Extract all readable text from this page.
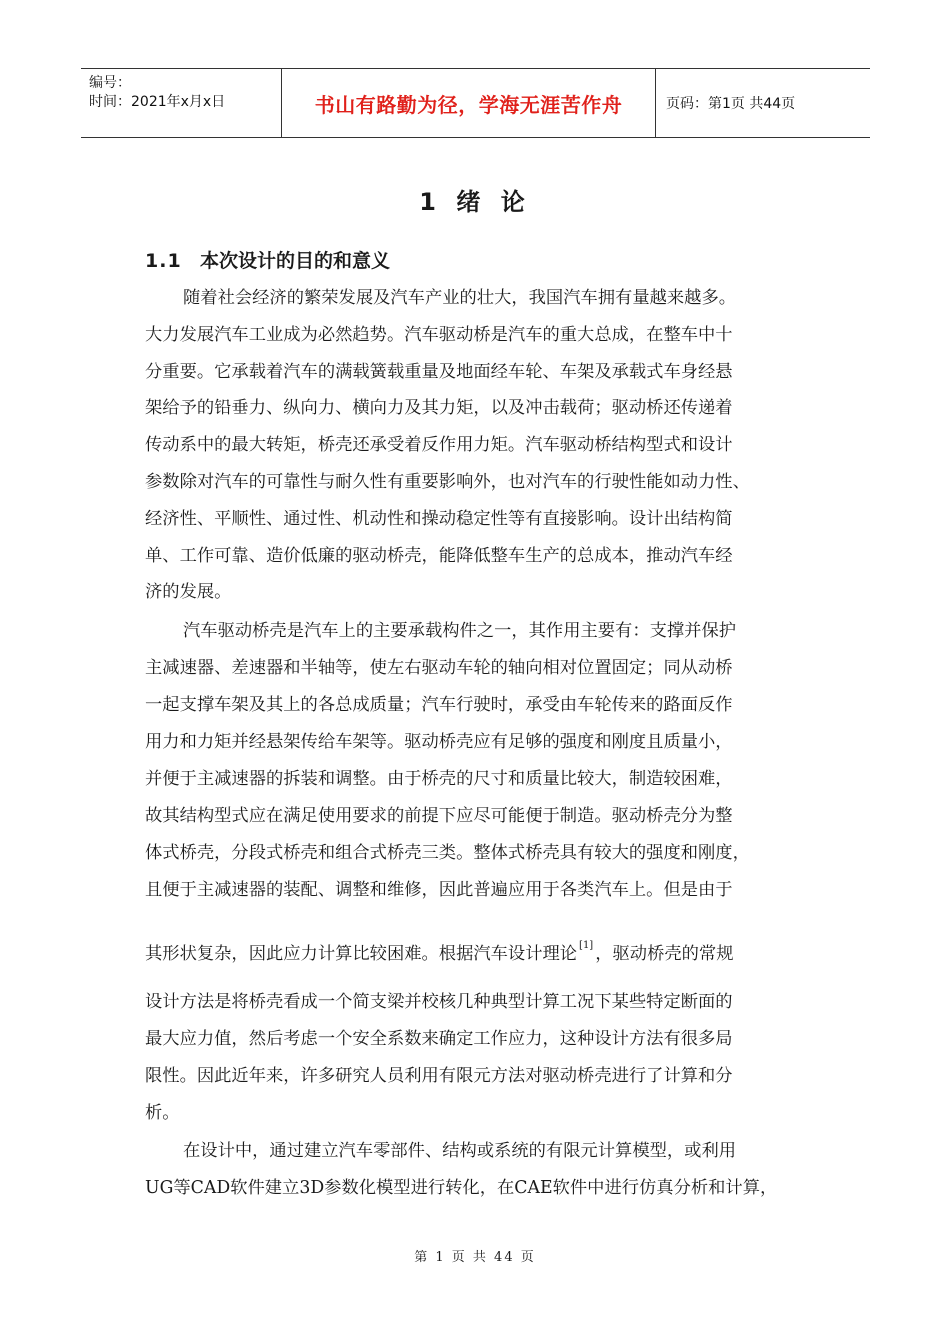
编号：
时间：2021年x月x日	书山有路勤为径，学海无涯苦作舟	页码：第1页 共44页
1 绪 论
1.1 本次设计的目的和意义

随着社会经济的繁荣发展及汽车产业的壮大，我国汽车拥有量越来越多。

大力发展汽车工业成为必然趋势。汽车驱动桥是汽车的重大总成，在整车中十

分重要。它承载着汽车的满载簧载重量及地面经车轮、车架及承载式车身经悬

架给予的铅垂力、纵向力、横向力及其力矩，以及冲击载荷；驱动桥还传递着

传动系中的最大转矩，桥壳还承受着反作用力矩。汽车驱动桥结构型式和设计

参数除对汽车的可靠性与耐久性有重要影响外，也对汽车的行驶性能如动力性、

经济性、平顺性、通过性、机动性和操动稳定性等有直接影响。设计出结构简

单、工作可靠、造价低廉的驱动桥壳，能降低整车生产的总成本，推动汽车经

济的发展。

汽车驱动桥壳是汽车上的主要承载构件之一，其作用主要有：支撑并保护

主减速器、差速器和半轴等，使左右驱动车轮的轴向相对位置固定；同从动桥

一起支撑车架及其上的各总成质量；汽车行驶时，承受由车轮传来的路面反作

用力和力矩并经悬架传给车架等。驱动桥壳应有足够的强度和刚度且质量小，

并便于主减速器的拆装和调整。由于桥壳的尺寸和质量比较大，制造较困难，

故其结构型式应在满足使用要求的前提下应尽可能便于制造。驱动桥壳分为整

体式桥壳，分段式桥壳和组合式桥壳三类。整体式桥壳具有较大的强度和刚度，

且便于主减速器的装配、调整和维修，因此普遍应用于各类汽车上。但是由于

其形状复杂，因此应力计算比较困难。根据汽车设计理论 [1] ，驱动桥壳的常规

设计方法是将桥壳看成一个简支梁并校核几种典型计算工况下某些特定断面的

最大应力值，然后考虑一个安全系数来确定工作应力，这种设计方法有很多局

限性。因此近年来，许多研究人员利用有限元方法对驱动桥壳进行了计算和分

析。

在设计中，通过建立汽车零部件、结构或系统的有限元计算模型，或利用

UG等CAD软件建立3D参数化模型进行转化，在CAE软件中进行仿真分析和计算，

第 1 页 共 44 页
